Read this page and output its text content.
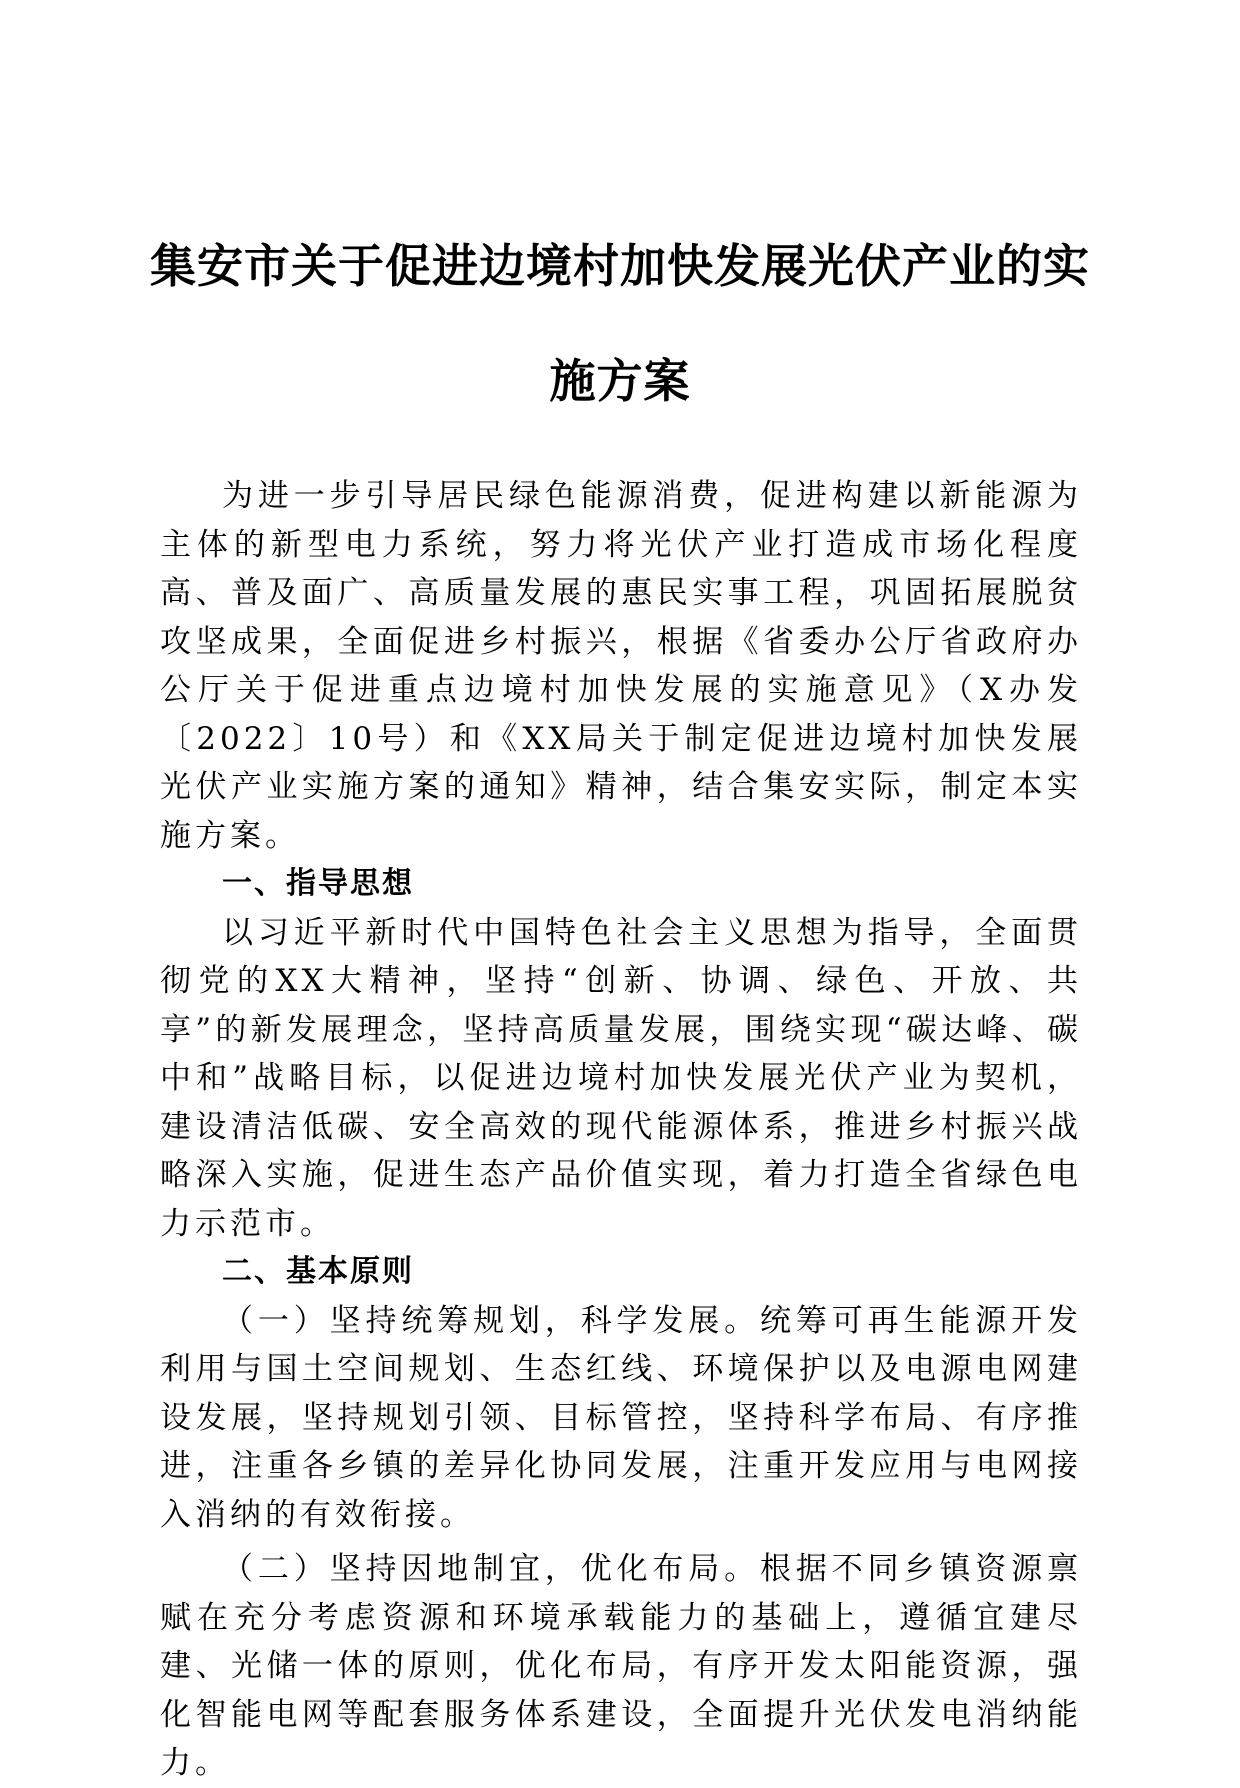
集安市关于促进边境村加快发展光伏产业的实
施方案

为进一步引导居民绿色能源消费，促进构建以新能源为主体的新型电力系统，努力将光伏产业打造成市场化程度高、普及面广、高质量发展的惠民实事工程，巩固拓展脱贫攻坚成果，全面促进乡村振兴，根据《省委办公厅省政府办公厅关于促进重点边境村加快发展的实施意见》（X办发〔2022〕10号）和《XX局关于制定促进边境村加快发展光伏产业实施方案的通知》精神，结合集安实际，制定本实施方案。

一、指导思想

以习近平新时代中国特色社会主义思想为指导，全面贯彻党的XX大精神，坚持“创新、协调、绿色、开放、共享”的新发展理念，坚持高质量发展，围绕实现“碳达峰、碳中和”战略目标，以促进边境村加快发展光伏产业为契机，建设清洁低碳、安全高效的现代能源体系，推进乡村振兴战略深入实施，促进生态产品价值实现，着力打造全省绿色电力示范市。

二、基本原则

（一）坚持统筹规划，科学发展。统筹可再生能源开发利用与国土空间规划、生态红线、环境保护以及电源电网建设发展，坚持规划引领、目标管控，坚持科学布局、有序推进，注重各乡镇的差异化协同发展，注重开发应用与电网接入消纳的有效衔接。

（二）坚持因地制宜，优化布局。根据不同乡镇资源禀赋在充分考虑资源和环境承载能力的基础上，遵循宜建尽建、光储一体的原则，优化布局，有序开发太阳能资源，强化智能电网等配套服务体系建设，全面提升光伏发电消纳能力。
